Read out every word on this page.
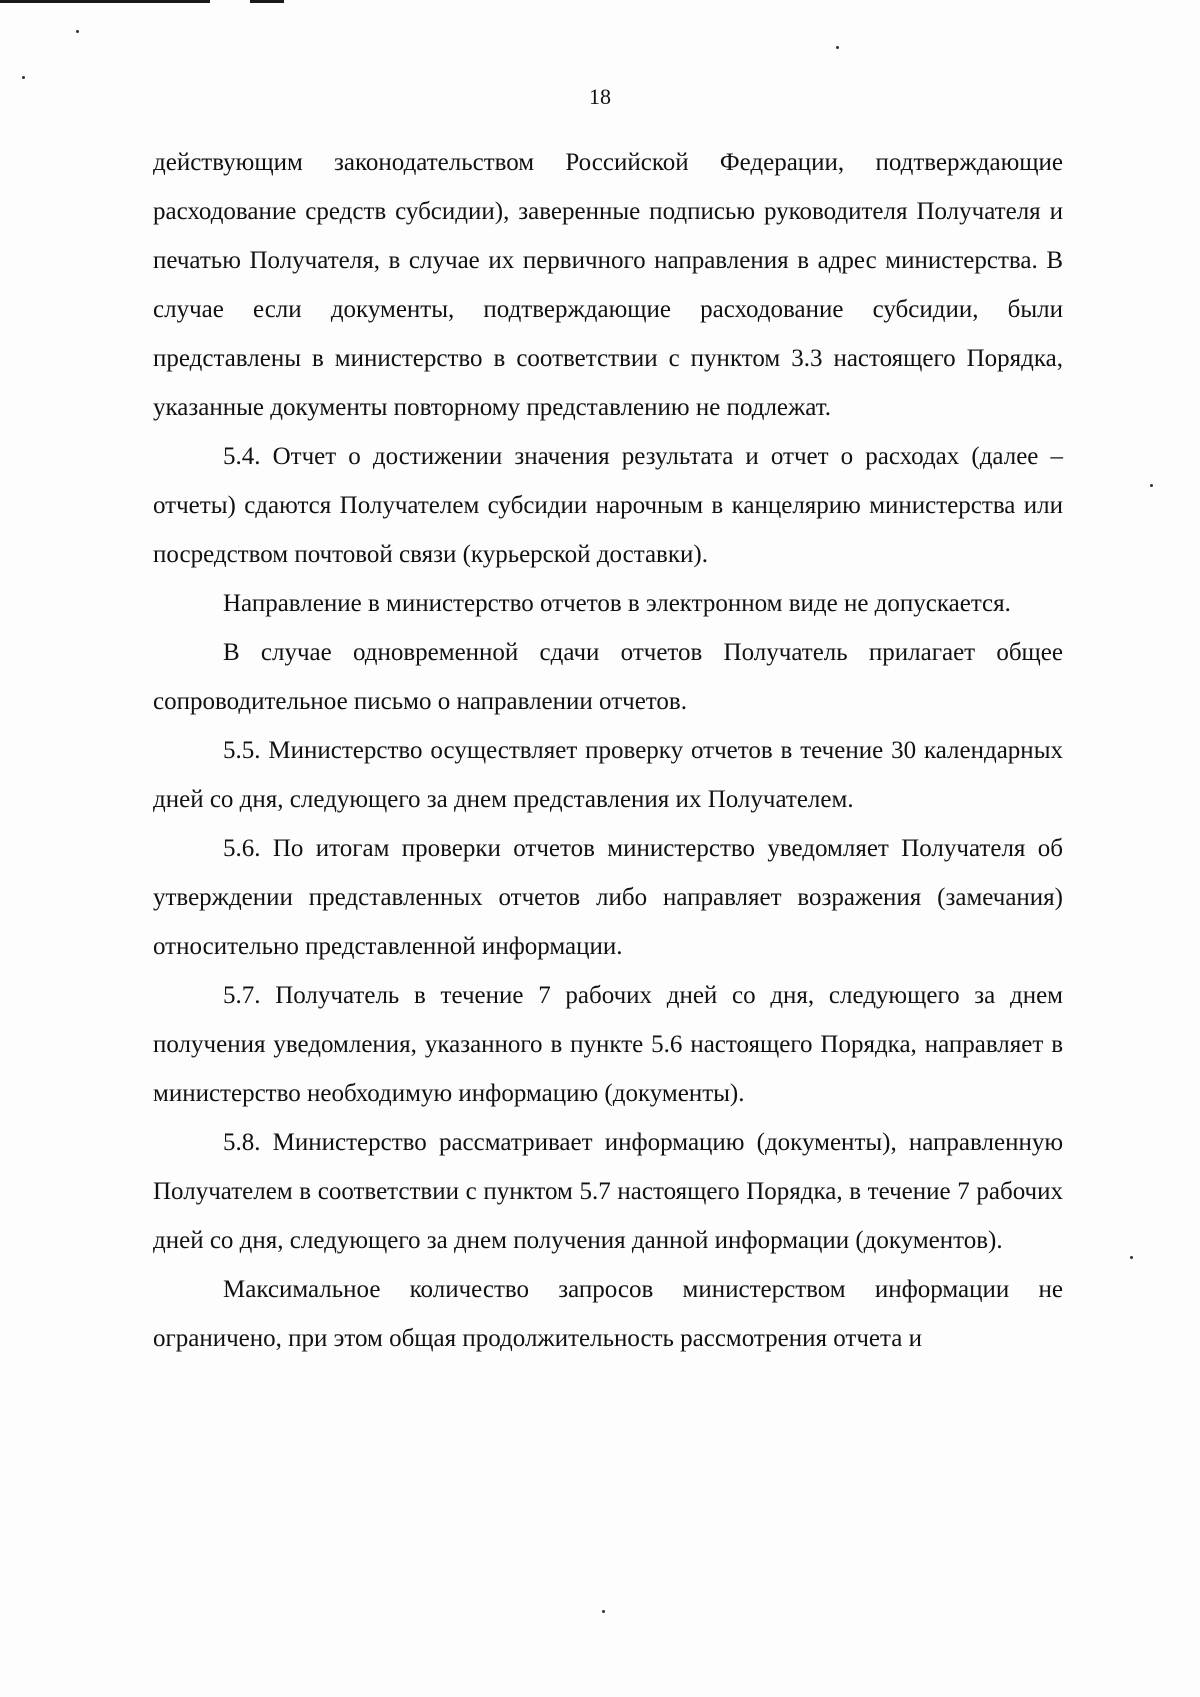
18

действующим законодательством Российской Федерации, подтверждающие расходование средств субсидии), заверенные подписью руководителя Получателя и печатью Получателя, в случае их первичного направления в адрес министерства. В случае если документы, подтверждающие расходование субсидии, были представлены в министерство в соответствии с пунктом 3.3 настоящего Порядка, указанные документы повторному представлению не подлежат.

5.4. Отчет о достижении значения результата и отчет о расходах (далее – отчеты) сдаются Получателем субсидии нарочным в канцелярию министерства или посредством почтовой связи (курьерской доставки).

Направление в министерство отчетов в электронном виде не допускается.

В случае одновременной сдачи отчетов Получатель прилагает общее сопроводительное письмо о направлении отчетов.

5.5. Министерство осуществляет проверку отчетов в течение 30 календарных дней со дня, следующего за днем представления их Получателем.

5.6. По итогам проверки отчетов министерство уведомляет Получателя об утверждении представленных отчетов либо направляет возражения (замечания) относительно представленной информации.

5.7. Получатель в течение 7 рабочих дней со дня, следующего за днем получения уведомления, указанного в пункте 5.6 настоящего Порядка, направляет в министерство необходимую информацию (документы).

5.8. Министерство рассматривает информацию (документы), направленную Получателем в соответствии с пунктом 5.7 настоящего Порядка, в течение 7 рабочих дней со дня, следующего за днем получения данной информации (документов).

Максимальное количество запросов министерством информации не ограничено, при этом общая продолжительность рассмотрения отчета и
